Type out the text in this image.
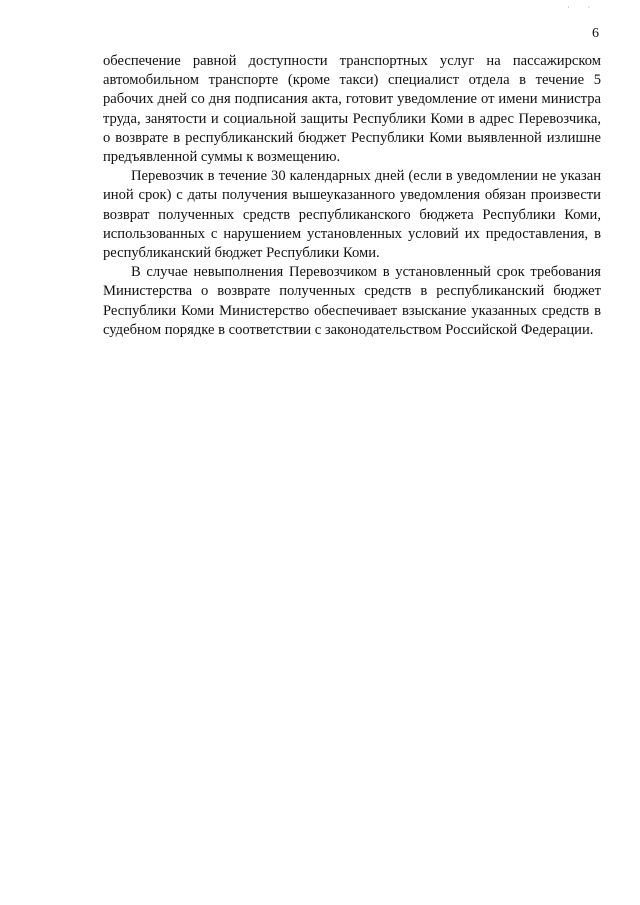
· ·
6

обеспечение равной доступности транспортных услуг на пассажирском автомобильном транспорте (кроме такси) специалист отдела в течение 5 рабочих дней со дня подписания акта, готовит уведомление от имени министра труда, занятости и социальной защиты Республики Коми в адрес Перевозчика, о возврате в республиканский бюджет Республики Коми выявленной излишне предъявленной суммы к возмещению.

Перевозчик в течение 30 календарных дней (если в уведомлении не указан иной срок) с даты получения вышеуказанного уведомления обязан произвести возврат полученных средств республиканского бюджета Республики Коми, использованных с нарушением установленных условий их предоставления, в республиканский бюджет Республики Коми.

В случае невыполнения Перевозчиком в установленный срок требования Министерства о возврате полученных средств в республиканский бюджет Республики Коми Министерство обеспечивает взыскание указанных средств в судебном порядке в соответствии с законодательством Российской Федерации.
